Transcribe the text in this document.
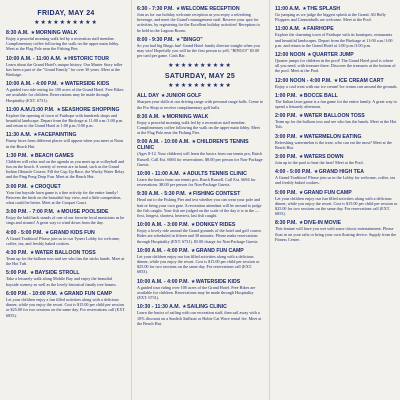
FRIDAY, MAY 24
★★★★★★★★★★
8:30 A.M. ★MORNING WALK
Enjoy a peaceful morning walk led by a recreation staff member. Complimentary coffee following the walk on the upper main lobby. Meet at the Flag Pole near the Fishing Pier.
10:00 A.M. - 11:00 A.M. ★HISTORIC TOUR
Learn about the Grand Hotel's unique history. Our Master Story teller has been a part of the "Grand Family" for over 30 years. Meet at the Birdcage.
10:00 A.M. - 4:00 P.M. ★WATERSIDE KIDS
A guided two ride outing for 100 acres of the Grand Hotel. Free Bikes are available for children. Reservations may be made through Hospitality (EXT. 6731).
11:00 A.M./1:00 P.M. ★SEASHORE SHOPPING
Explore the opening of town of Fairhope with hundreds shops and beautiful landscape. Depart from the Birdcage at 11:00 a.m./1:00 p.m. and return to the Grand Hotel at 1:00 p.m./3:00 p.m.
11:30 A.M. ★FACEPAINTING
Funny faces from different places will appear when you meet at Noon in the Beach Hut.
1:30 P.M. ★BEACH GAMES
Children will relax and on the agenda as you meet up at volleyball and fun on the beach. A variety of events are in hand, such as the Grand Indian Obstacle Course, Fill the Cup Up Race, the Wacky Water Relay and the Ping Pong Drop Fun. Meet at the Beach Hut.
3:00 P.M. ★CROQUET
Your fun bayside lawn game is a fine activity for the entire family! Between the birds on the beautiful bay view, and a little competition, what could be better. Meet at the Croquet Court.
3:00 P.M. - 7:00 P.M. ★MOUSE POOLSIDE
Enjoy the bald back stands of one of our favorite local musicians as he sings and strums! A great way to wind down from the day.
4:00 - 5:00 P.M. ★GRAND KIDS FUN
A Grand Tradition! Please join us in our Tyneri Lobby for welcome, coffee, tea, and freshly baked cookies.
4:30 P.M. ★WATER BALLOON TOSS
Team up for the balloon toss and see who has the sticks hands. Meet at the Hot Tub.
5:00 P.M. ★BAYSIDE STROLL
Take a leisurely walk along Mobile Bay and enjoy the beautiful bayside scenery as well as the lovely historical family tree homes.
6:00 P.M. - 10:00 P.M. ★GRAND FUN CAMP
Let your children enjoy a fun filled activities along with a delicious dinner, while you enjoy the resort. Cost is $15.00 per child per session or $25.00 for two sessions on the same day. For reservations call (EXT. 6853).
6:30 - 7:30 P.M. ★WELCOME RECEPTION
Join us for our holiday welcome reception as you enjoy a refreshing beverage, and meet the Grand's management staff. Reserve your spot for activities, by registering for the Excellent holiday activities! Reception to be held in the Lagoon Room.
8:00 - 9:30 P.M. ★"BINGO"
So you had big Bingo fun! Grand Hotel family director tonight when you may win! Hopefully you will be the first person to yell, "BINGO!" $5.00 per card per game. Cash Bar.
★★★★★★★★★★
SATURDAY, MAY 25
★★★★★★★★★★
ALL DAY ★JUNIOR GOLF
Sharpen your skills at our driving range with personal range balls. Come to the Pro Shop to receive complimentary golf balls.
8:30 A.M. ★MORNING WALK
Enjoy a peaceful morning walk led by a recreation staff member. Complimentary coffee following the walk on the upper main lobby. Meet at the Flag Pole near the Fishing Pier.
9:00 A.M. - 10:00 A.M. ★CHILDREN'S TENNIS CLINIC
(Ages 8-12. Your children) will learn the basics from our tennis pro, Butch Russell. Call Ext. 6694 for reservations. $8.00 per person for Non-Package Guests.
10:00 - 11:00 A.M. ★ADULTS TENNIS CLINIC
Learn the basics from our tennis pro, Butch Russell. Call Ext. 6694 for reservations. $8.00 per person for Non-Package Guests.
9:30 A.M. - 5:30 P.M. ★FISHING CONTEST
Head out to the Fishing Pier and test whether you can wear your pole and bait or bring your own gear. A recreation attendant will be around to judge the fish caught. Your fish are judged on the scale of the day it is in the — first, longest, shortest, heaviest, last fish caught.
10:00 A.M. - 3:00 P.M. ★DONKEY RIDES
Enjoy a lovely ride around the Grand grounds of the hotel and golf course. Rides are scheduled in fifteen and 30 minutes. Please make reservations through Hospitality (EXT. 6731). $5.00 charge for Non-Package Guests.
10:00 A.M. - 4:00 P.M. ★GRAND FUN CAMP
Let your children enjoy our fun filled activities along with a delicious dinner, while you enjoy the resort. Cost is $15.00 per child per session or $25.00 for two sessions on the same day. For reservations call (EXT. 6853).
10:00 A.M. - 4:00 P.M. ★WATERSIDE KIDS
A guided tour riding over 100 acres of the Grand Hotel. Free Bikes are available for children. Reservations may be made through Hospitality (EXT. 6731).
10:30 - 11:30 A.M. ★SAILING CLINIC
Learn the basics of sailing with our recreation staff, then sail away with a 10% discount on a Sunfish Sailboat or Hobie Cat Wave rental fee. Meet at the Beach Hut.
11:00 A.M. ★THE SPLASH
Go jumping as we judge the biggest splash at the Grand. All Belly Floppers and Cannonballs are welcome. Meet at the Pool.
11:00 A.M. ★FAIRHOPE
Explore the charming town of Fairhope with its boutiques, restaurants and beautiful landscapes. Depart from the Birdcage at 11:00 a.m./1:00 p.m. and return to the Grand Hotel at 1:00 p.m./3:00 p.m.
12:00 NOON ★QUARTER JUMP
Quarter jumps for children in the pool! The Grand Hotel pool is where all you need, with treasure there. Discover the treasures at the bottom of the pool. Meet at the Pool.
12:00 NOON - 4:00 P.M. ★ICE CREAM CART
Enjoy a cool treat with our ice cream! Ice cream cart around the grounds.
1:00 P.M. ★BOCCE BALL
The Italian lawn game is a fun game for the entire family. A great way to spend a leisurely afternoon.
2:00 P.M. ★WATER BALLOON TOSS
Team up for the balloon toss and see who has the hands. Meet at the Hot Tub.
3:00 P.M. ★WATERMELON EATING
Refreshing watermelon is the treat, who can eat the most? Meet at the Beach Hut.
3:00 P.M. ★WATERS DOWN
Join up in the pool to beat the heat! Meet at the Pool.
4:00 - 5:00 P.M. ★GRAND HIGH TEA
A Grand Tradition! Please join us in the Lobby for welcome, coffee, tea and freshly baked cookies.
5:00 P.M. ★GRAND FUN CAMP
Let your children enjoy our fun filled activities along with a delicious dinner, while you enjoy the resort. Cost is $15.00 per child per session or $25.00 for two sessions on the same day. For reservations call (EXT. 6853).
8:30 P.M. ★DIVE-IN MOVIE
This feature will have you wet with some classic entertainment. Please float in on your rafts or bring your own floating device. Supply from the Fitness Center.
